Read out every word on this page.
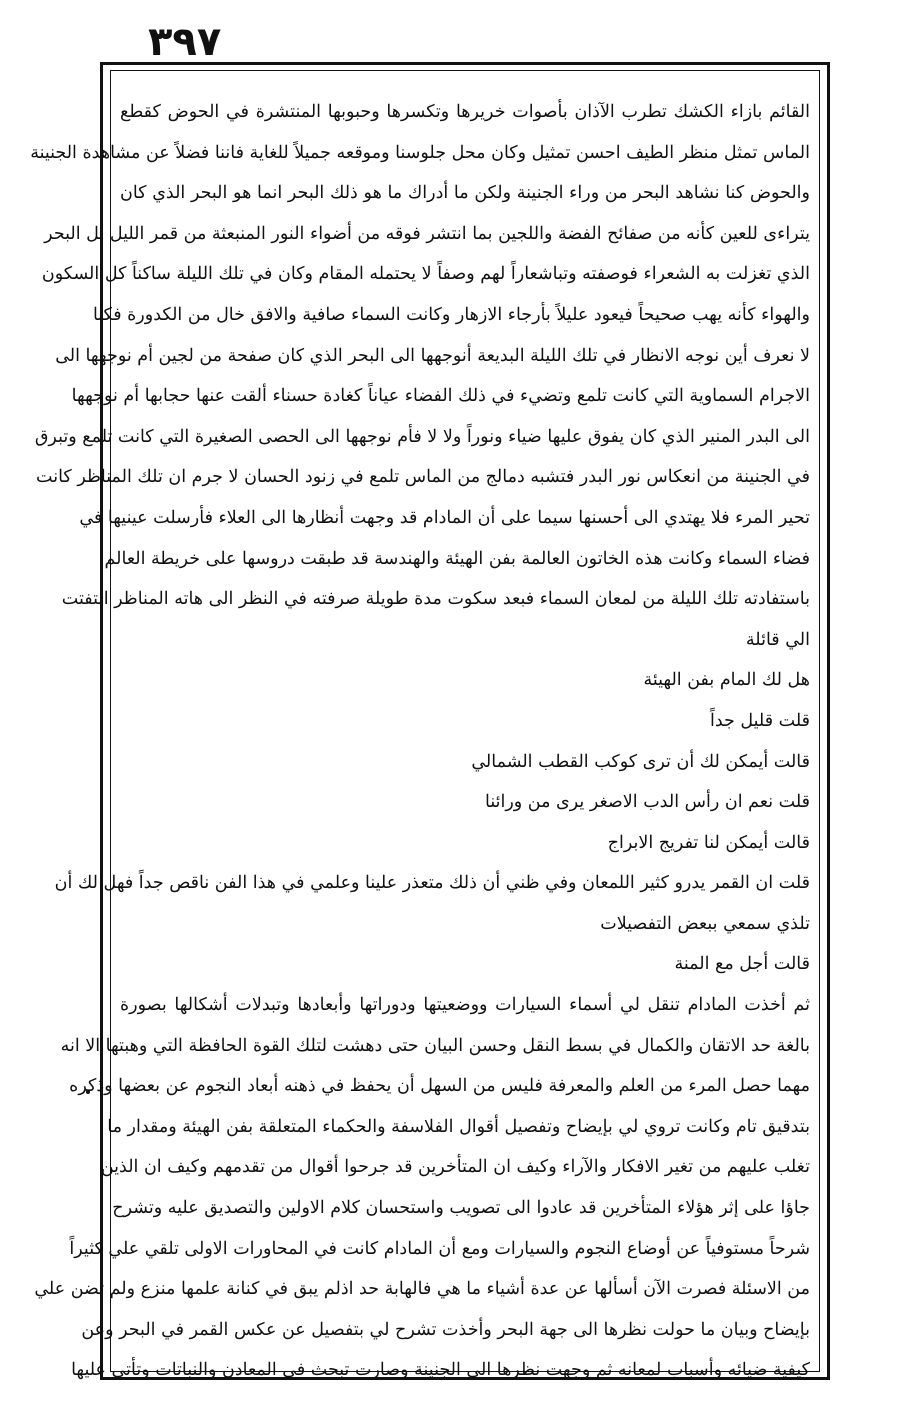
٣٩٧
القائم بازاء الكشك تطرب الآذان بأصوات خريرها وتكسرها وحبوبها المنتشرة في الحوض كقطع
الماس تمثل منظر الطيف احسن تمثيل وكان محل جلوسنا وموقعه جميلاً للغاية فاننا فضلاً عن مشاهدة الجنينة
والحوض كنا نشاهد البحر من وراء الجنينة ولكن ما أدراك ما هو ذلك البحر انما هو البحر الذي كان
يتراءى للعين كأنه من صفائح الفضة واللجين بما انتشر فوقه من أضواء النور المنبعثة من قمر الليل بل البحر
الذي تغزلت به الشعراء فوصفته وتباشعاراً لهم وصفاً لا يحتمله المقام وكان في تلك الليلة ساكناً كل السكون
والهواء كأنه يهب صحيحاً فيعود عليلاً بأرجاء الازهار وكانت السماء صافية والافق خال من الكدورة فكنا
لا نعرف أين نوجه الانظار في تلك الليلة البديعة أنوجهها الى البحر الذي كان صفحة من لجين أم نوجهها الى
الاجرام السماوية التي كانت تلمع وتضيء في ذلك الفضاء عياناً كغادة حسناء ألقت عنها حجابها أم نوجهها
الى البدر المنير الذي كان يفوق عليها ضياء ونوراً ولا لا فأم نوجهها الى الحصى الصغيرة التي كانت تلمع وتبرق
في الجنينة من انعكاس نور البدر فتشبه دمالج من الماس تلمع في زنود الحسان لا جرم ان تلك المناظر كانت
تحير المرء فلا يهتدي الى أحسنها سيما على أن المادام قد وجهت أنظارها الى العلاء فأرسلت عينيها في
فضاء السماء وكانت هذه الخاتون العالمة بفن الهيئة والهندسة قد طبقت دروسها على خريطة العالم
باستفادته تلك الليلة من لمعان السماء فبعد سكوت مدة طويلة صرفته في النظر الى هاته المناظر التفتت
الي قائلة
هل لك المام بفن الهيئة
قلت قليل جداً
قالت أيمكن لك أن ترى كوكب القطب الشمالي
قلت نعم ان رأس الدب الاصغر يرى من ورائنا
قالت أيمكن لنا تفريج الابراج
قلت ان القمر يدرو كثير اللمعان وفي ظني أن ذلك متعذر علينا وعلمي في هذا الفن ناقص جداً فهل لك أن
تلذي سمعي ببعض التفصيلات
قالت أجل مع المنة
ثم أخذت المادام تنقل لي أسماء السيارات ووضعيتها ودوراتها وأبعادها وتبدلات أشكالها بصورة
بالغة حد الاتقان والكمال في بسط النقل وحسن البيان حتى دهشت لتلك القوة الحافظة التي وهبتها الا انه
مهما حصل المرء من العلم والمعرفة فليس من السهل أن يحفظ في ذهنه أبعاد النجوم عن بعضها وذكره
بتدقيق تام وكانت تروي لي بإيضاح وتفصيل أقوال الفلاسفة والحكماء المتعلقة بفن الهيئة ومقدار ما
تغلب عليهم من تغير الافكار والآراء وكيف ان المتأخرين قد جرحوا أقوال من تقدمهم وكيف ان الذين
جاؤا على إثر هؤلاء المتأخرين قد عادوا الى تصويب واستحسان كلام الاولين والتصديق عليه وتشرح
شرحاً مستوفياً عن أوضاع النجوم والسيارات ومع أن المادام كانت في المحاورات الاولى تلقي علي كثيراً
من الاسئلة فصرت الآن أسألها عن عدة أشياء ما هي فالهابة حد اذلم يبق في كنانة علمها منزع ولم تضن علي
بإيضاح وبيان ما حولت نظرها الى جهة البحر وأخذت تشرح لي بتفصيل عن عكس القمر في البحر وعن
كيفية ضيائه وأسباب لمعانه ثم وجهت نظرها الى الجنينة وصارت تبحث في المعادن والنباتات وتأتي عليها
